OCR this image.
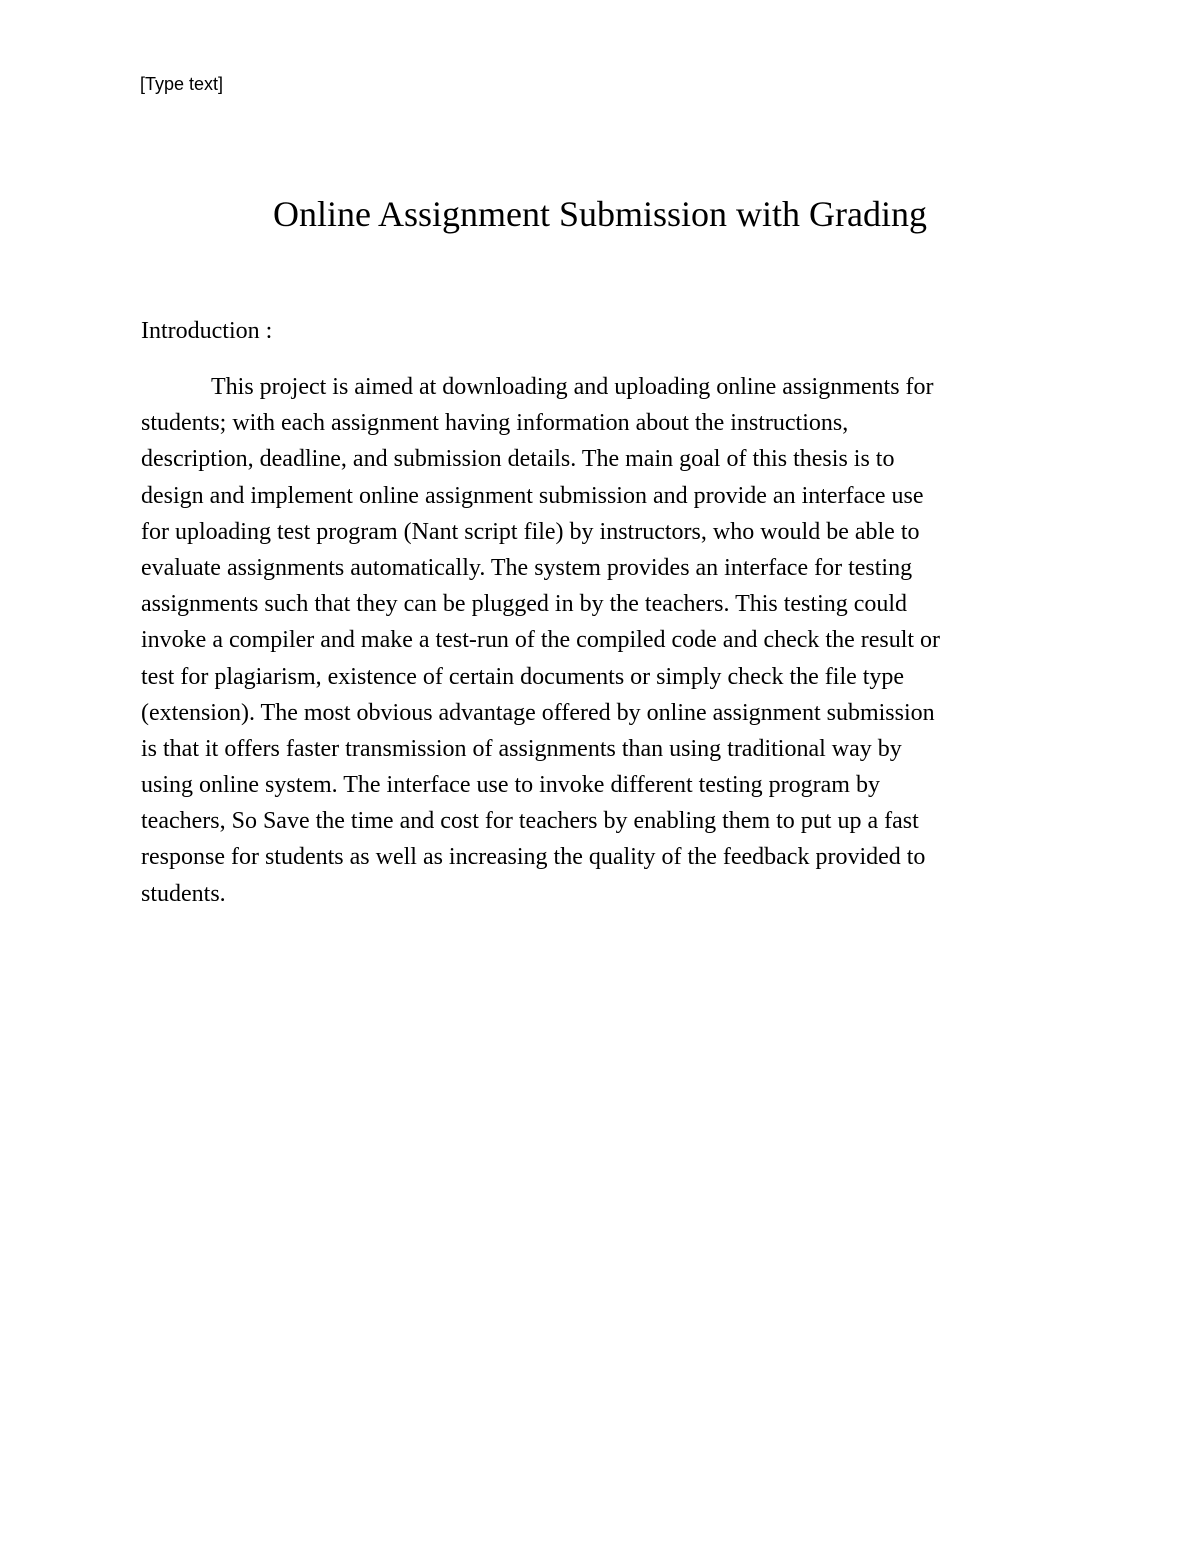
[Type text]
Online Assignment Submission with Grading
Introduction :
This project is aimed at downloading and uploading online assignments for
students; with each assignment having information about the instructions,
description, deadline, and submission details. The main goal of this thesis is to
design and implement online assignment submission and provide an interface use
for uploading test program (Nant script file) by instructors, who would be able to
evaluate assignments automatically. The system provides an interface for testing
assignments such that they can be plugged in by the teachers. This testing could
invoke a compiler and make a test-run of the compiled code and check the result or
test for plagiarism, existence of certain documents or simply check the file type
(extension). The most obvious advantage offered by online assignment submission
is that it offers faster transmission of assignments than using traditional way by
using online system. The interface use to invoke different testing program by
teachers, So Save the time and cost for teachers by enabling them to put up a fast
response for students as well as increasing the quality of the feedback provided to
students.
